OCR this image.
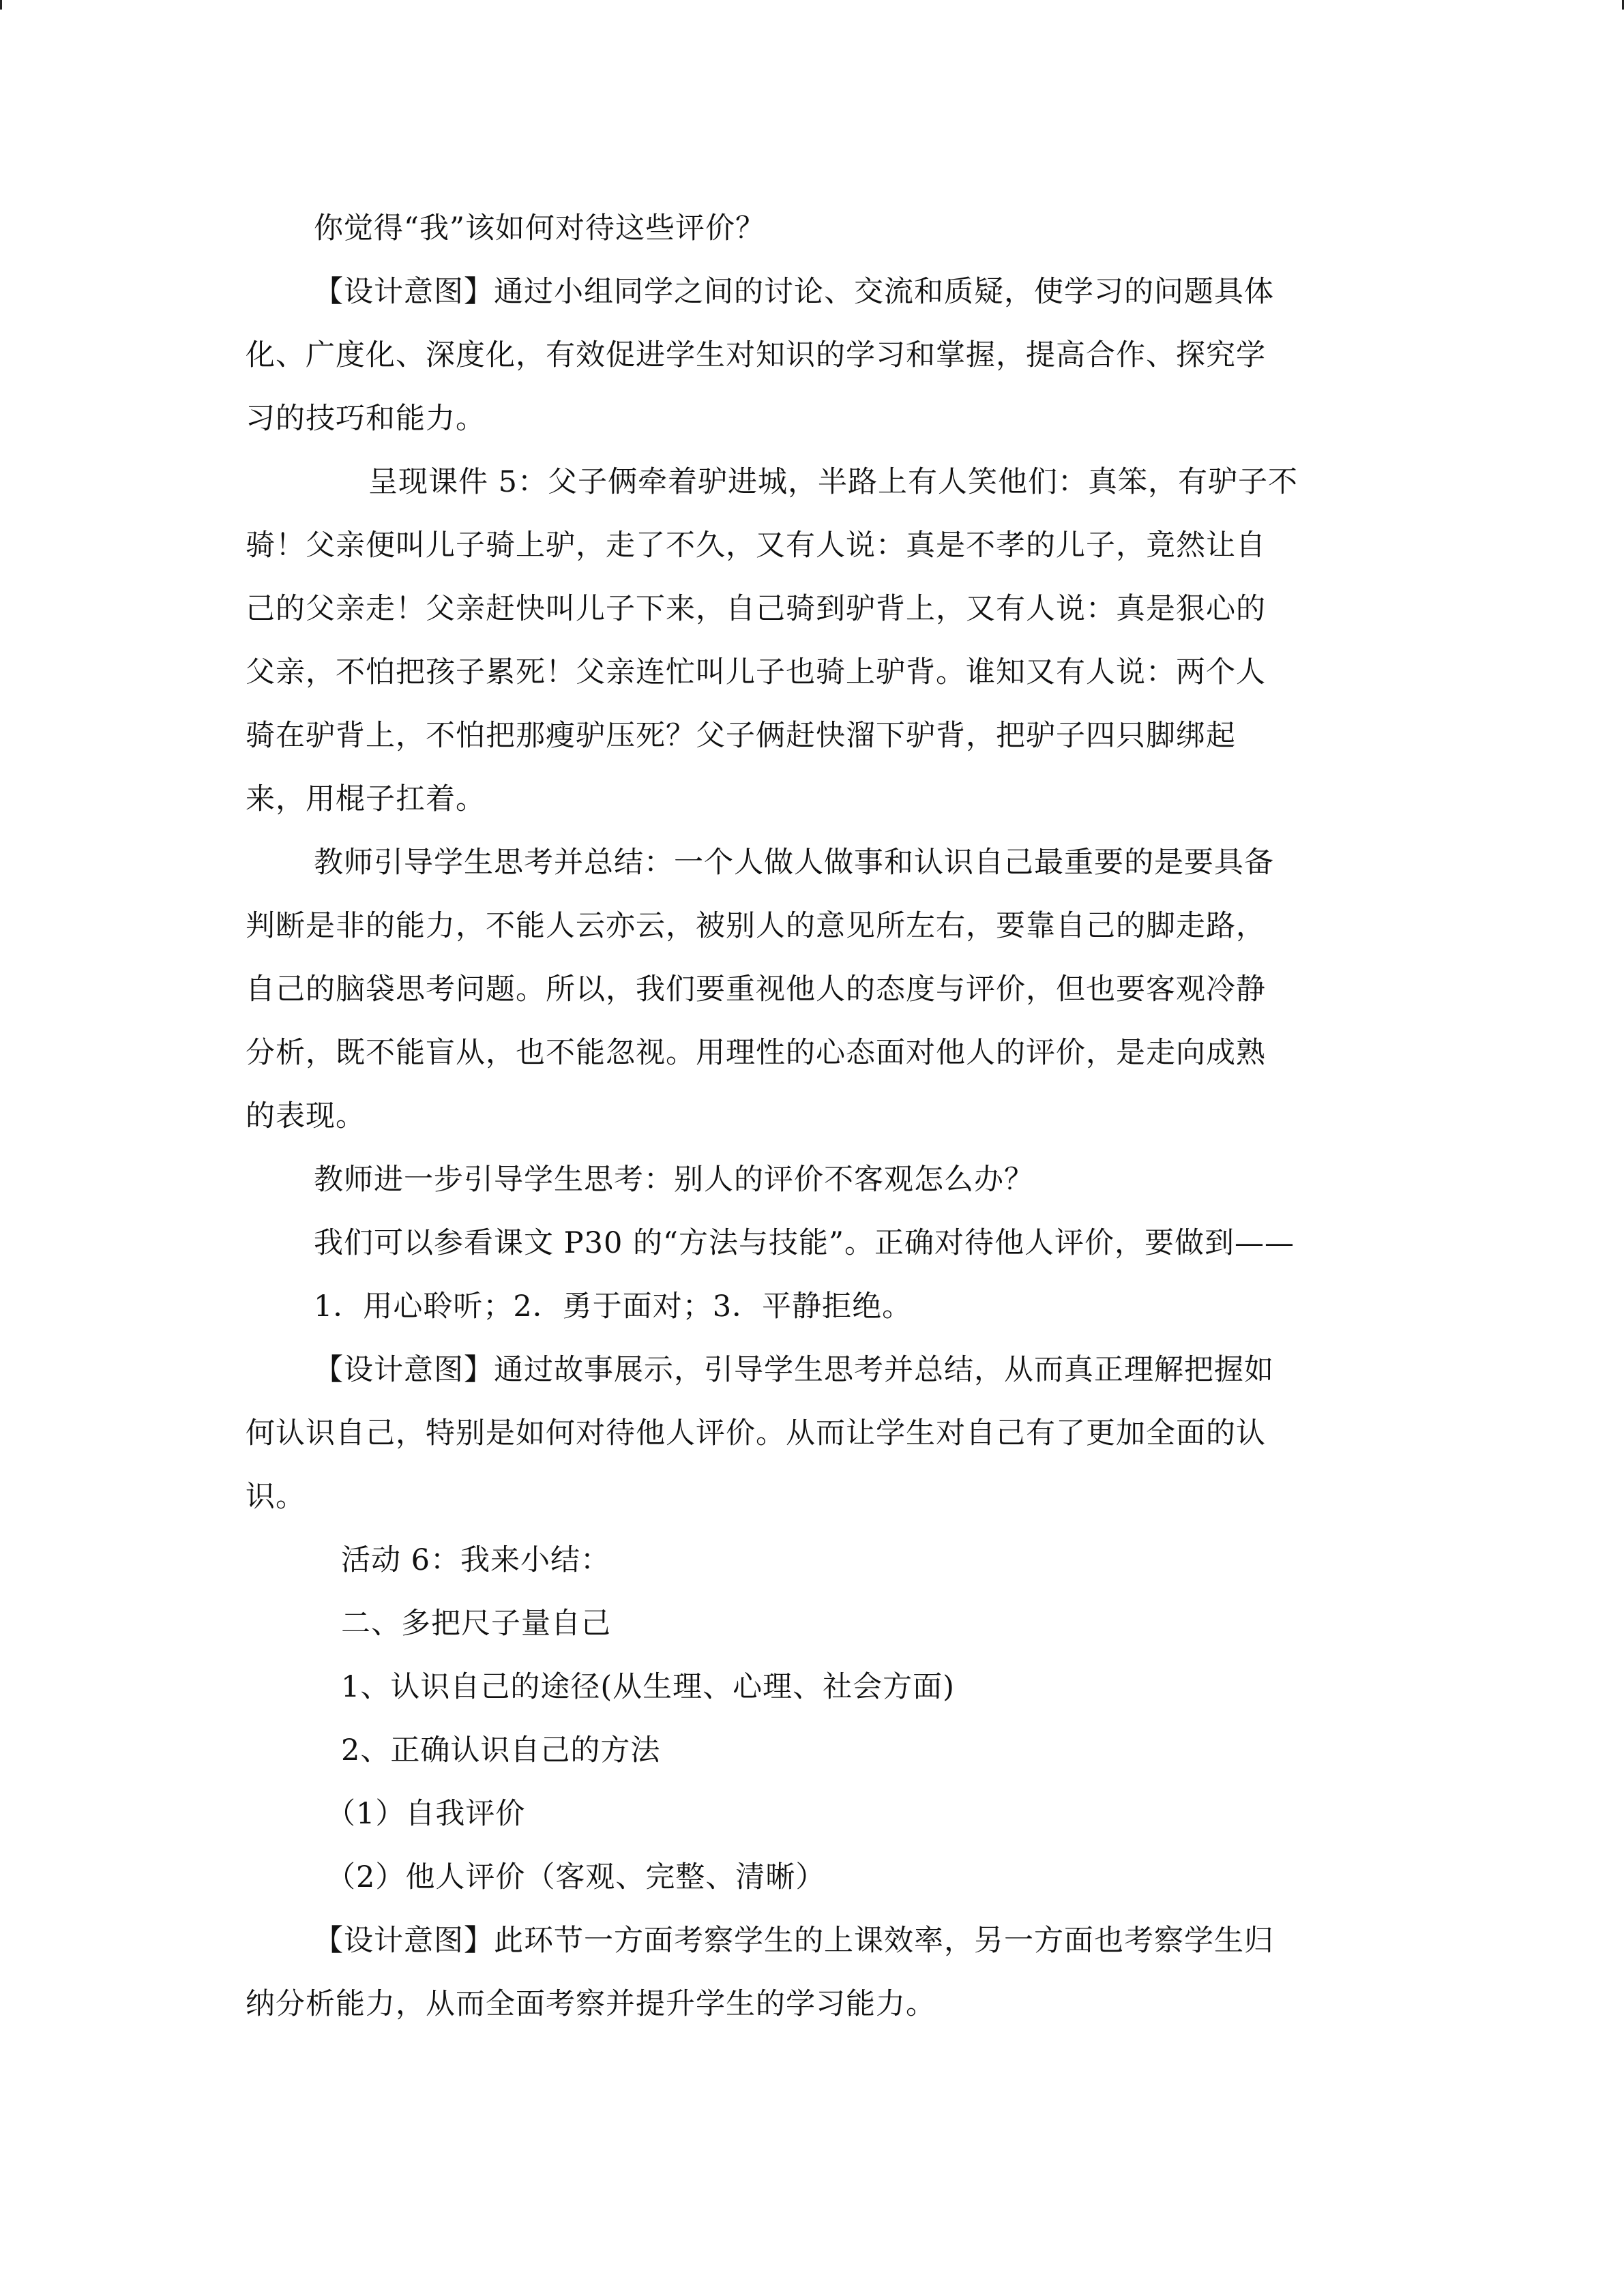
你觉得“我”该如何对待这些评价？
【设计意图】通过小组同学之间的讨论、交流和质疑，使学习的问题具体
化、广度化、深度化，有效促进学生对知识的学习和掌握，提高合作、探究学
习的技巧和能力。
呈现课件 5：父子俩牵着驴进城，半路上有人笑他们：真笨，有驴子不
骑！父亲便叫儿子骑上驴，走了不久，又有人说：真是不孝的儿子，竟然让自
己的父亲走！父亲赶快叫儿子下来，自己骑到驴背上，又有人说：真是狠心的
父亲，不怕把孩子累死！父亲连忙叫儿子也骑上驴背。谁知又有人说：两个人
骑在驴背上，不怕把那瘦驴压死？父子俩赶快溜下驴背，把驴子四只脚绑起
来，用棍子扛着。
教师引导学生思考并总结：一个人做人做事和认识自己最重要的是要具备
判断是非的能力，不能人云亦云，被别人的意见所左右，要靠自己的脚走路，
自己的脑袋思考问题。所以，我们要重视他人的态度与评价，但也要客观冷静
分析，既不能盲从，也不能忽视。用理性的心态面对他人的评价，是走向成熟
的表现。
教师进一步引导学生思考：别人的评价不客观怎么办？
我们可以参看课文 P30 的“方法与技能”。正确对待他人评价，要做到——
1．用心聆听；2．勇于面对；3．平静拒绝。
【设计意图】通过故事展示，引导学生思考并总结，从而真正理解把握如
何认识自己，特别是如何对待他人评价。从而让学生对自己有了更加全面的认
识。
活动 6：我来小结：
二、多把尺子量自己
1、认识自己的途径(从生理、心理、社会方面)
2、正确认识自己的方法
（1）自我评价
（2）他人评价（客观、完整、清晰）
【设计意图】此环节一方面考察学生的上课效率，另一方面也考察学生归
纳分析能力，从而全面考察并提升学生的学习能力。
